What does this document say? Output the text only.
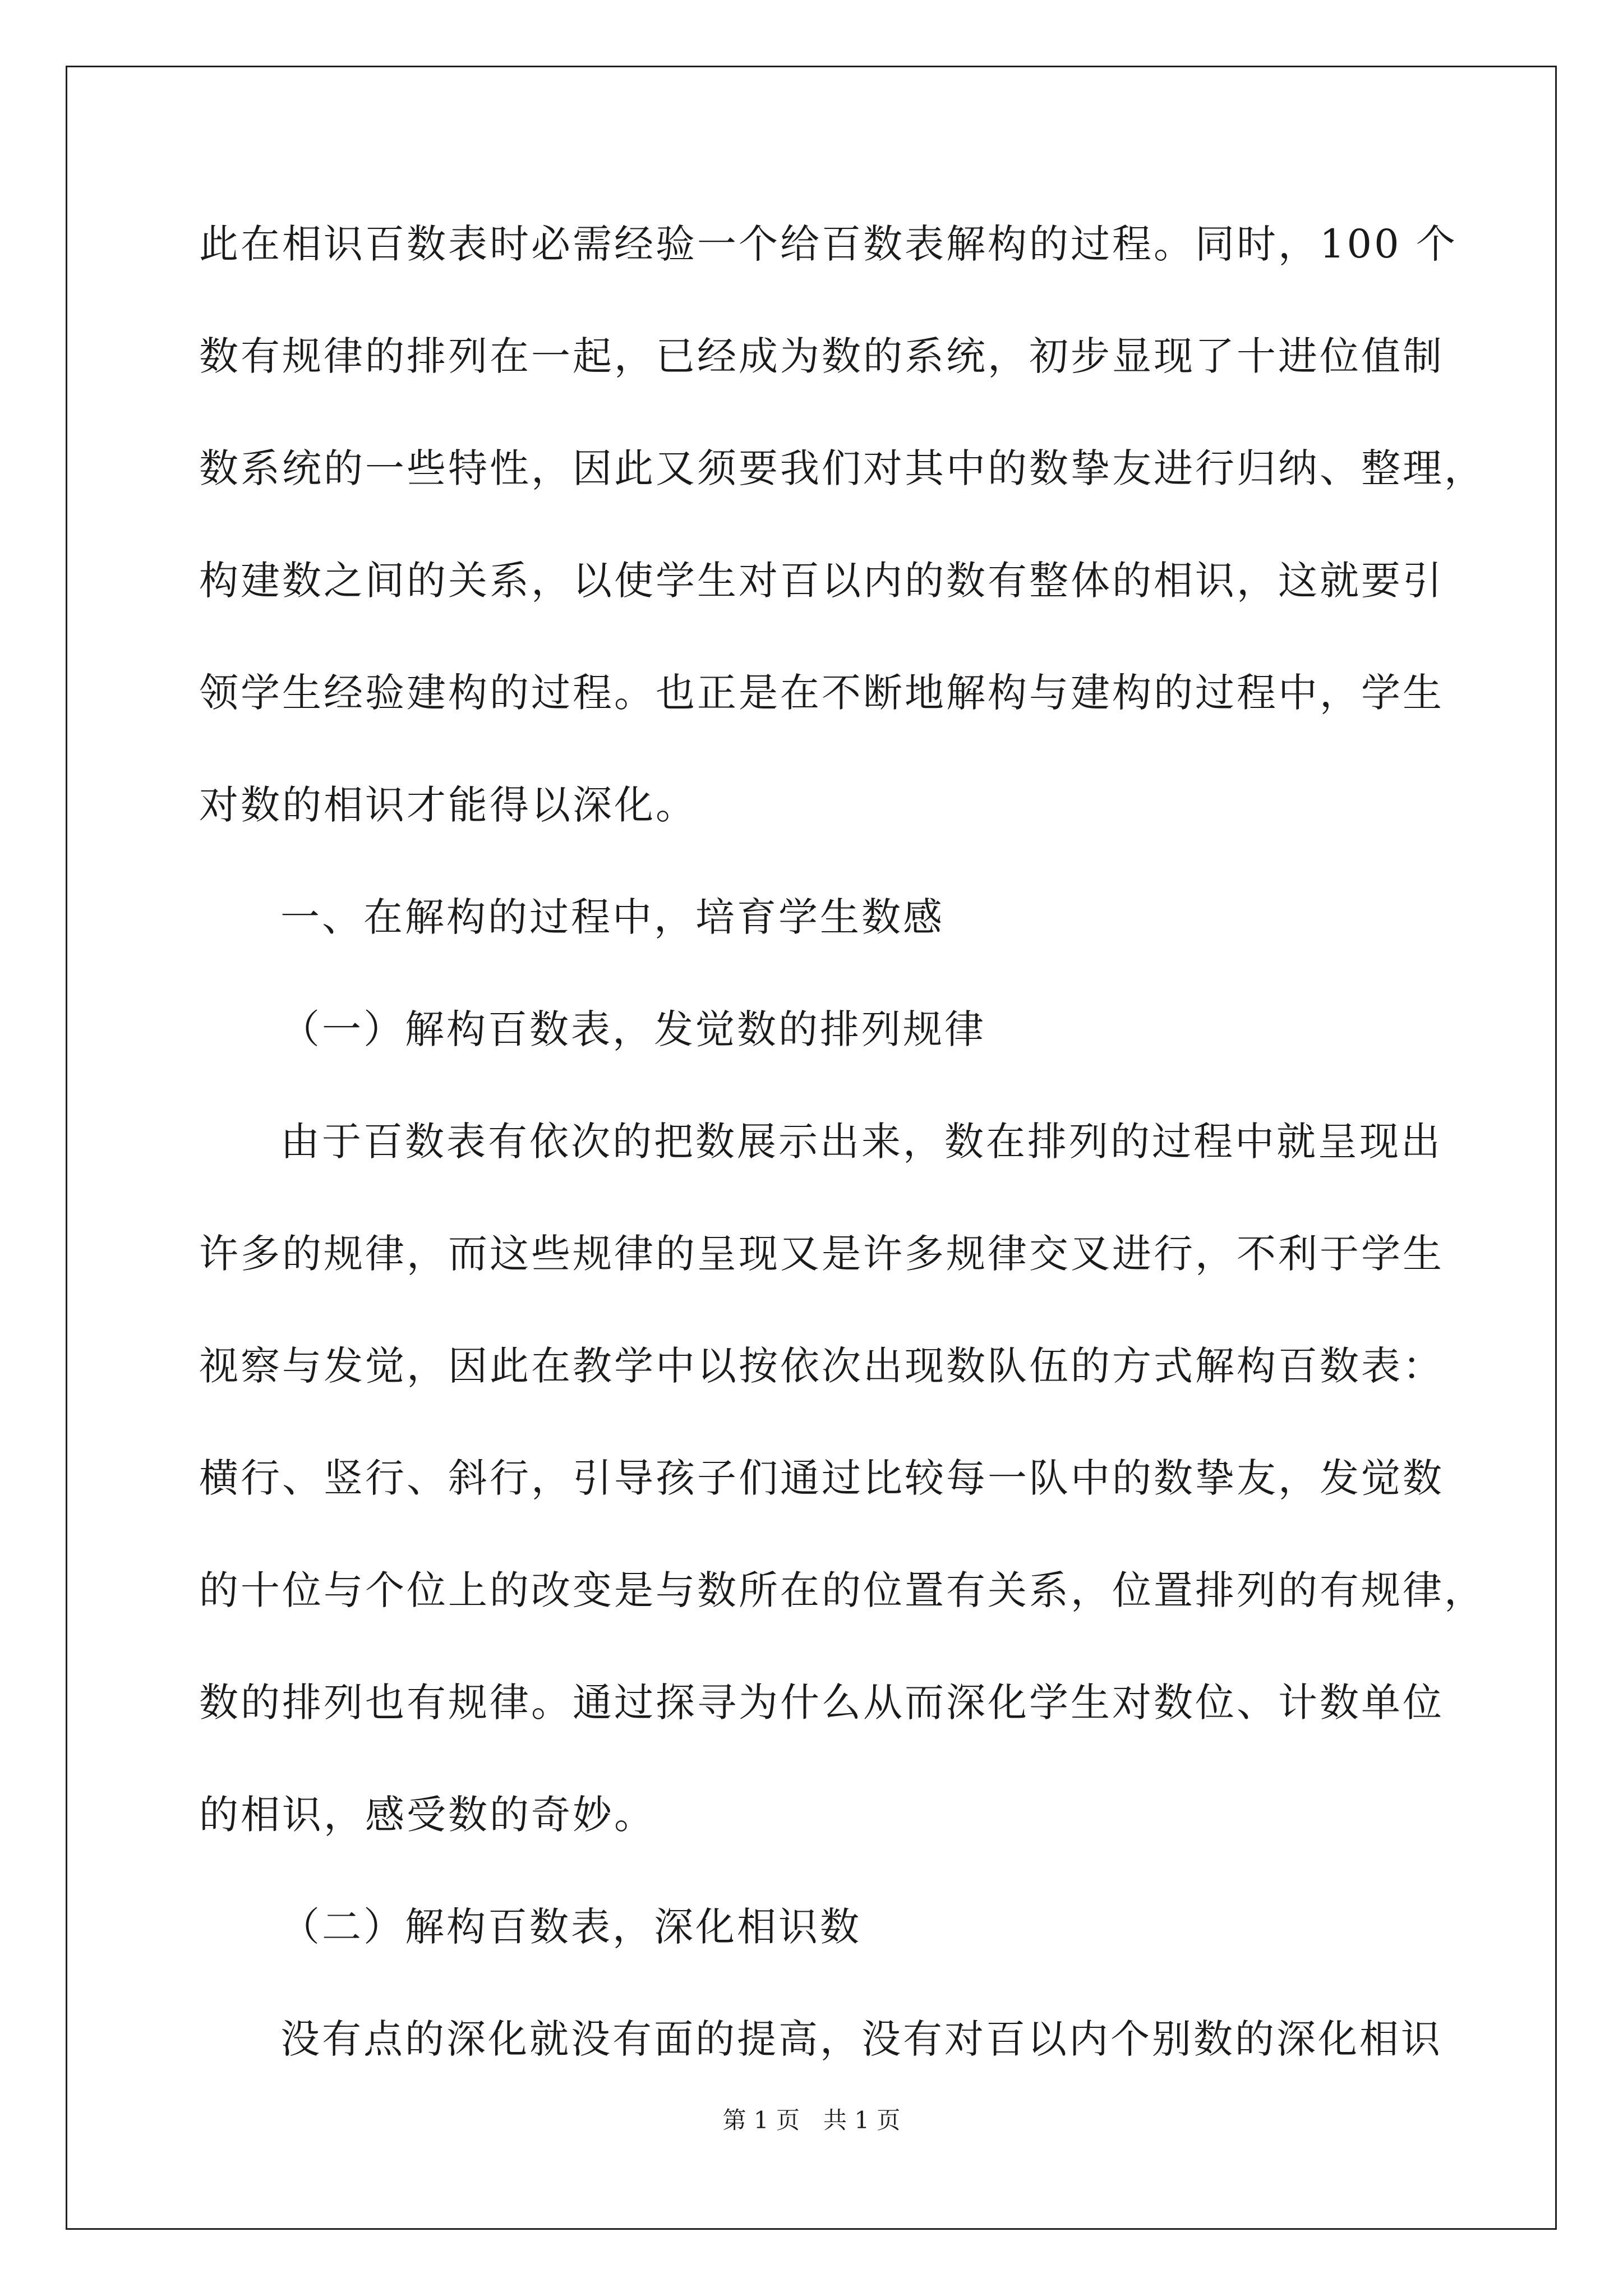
此在相识百数表时必需经验一个给百数表解构的过程。同时，100 个
数有规律的排列在一起，已经成为数的系统，初步显现了十进位值制
数系统的一些特性，因此又须要我们对其中的数挚友进行归纳、整理，
构建数之间的关系，以使学生对百以内的数有整体的相识，这就要引
领学生经验建构的过程。也正是在不断地解构与建构的过程中，学生
对数的相识才能得以深化。
一、在解构的过程中，培育学生数感
（一）解构百数表，发觉数的排列规律
由于百数表有依次的把数展示出来，数在排列的过程中就呈现出
许多的规律，而这些规律的呈现又是许多规律交叉进行，不利于学生
视察与发觉，因此在教学中以按依次出现数队伍的方式解构百数表：
横行、竖行、斜行，引导孩子们通过比较每一队中的数挚友，发觉数
的十位与个位上的改变是与数所在的位置有关系，位置排列的有规律，
数的排列也有规律。通过探寻为什么从而深化学生对数位、计数单位
的相识，感受数的奇妙。
（二）解构百数表，深化相识数
没有点的深化就没有面的提高，没有对百以内个别数的深化相识
第 1 页　共 1 页
